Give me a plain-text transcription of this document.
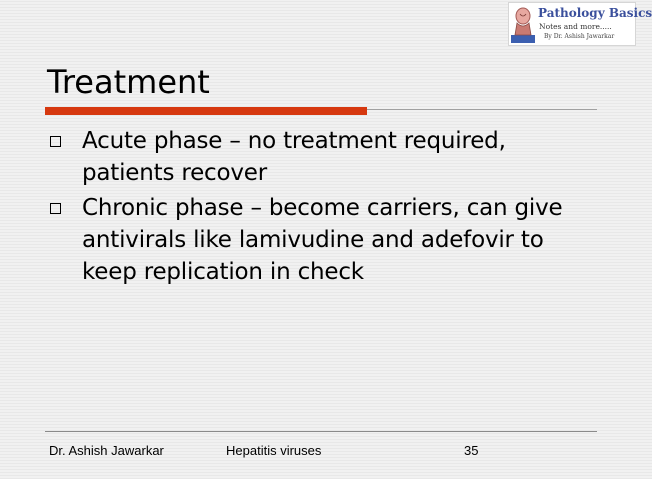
Pathology Basics
Notes and more.....
By Dr. Ashish Jawarkar
Treatment
Acute phase – no treatment required, patients recover
Chronic phase – become carriers, can give antivirals like lamivudine and adefovir to keep replication in check
Dr. Ashish Jawarkar	Hepatitis viruses	35
